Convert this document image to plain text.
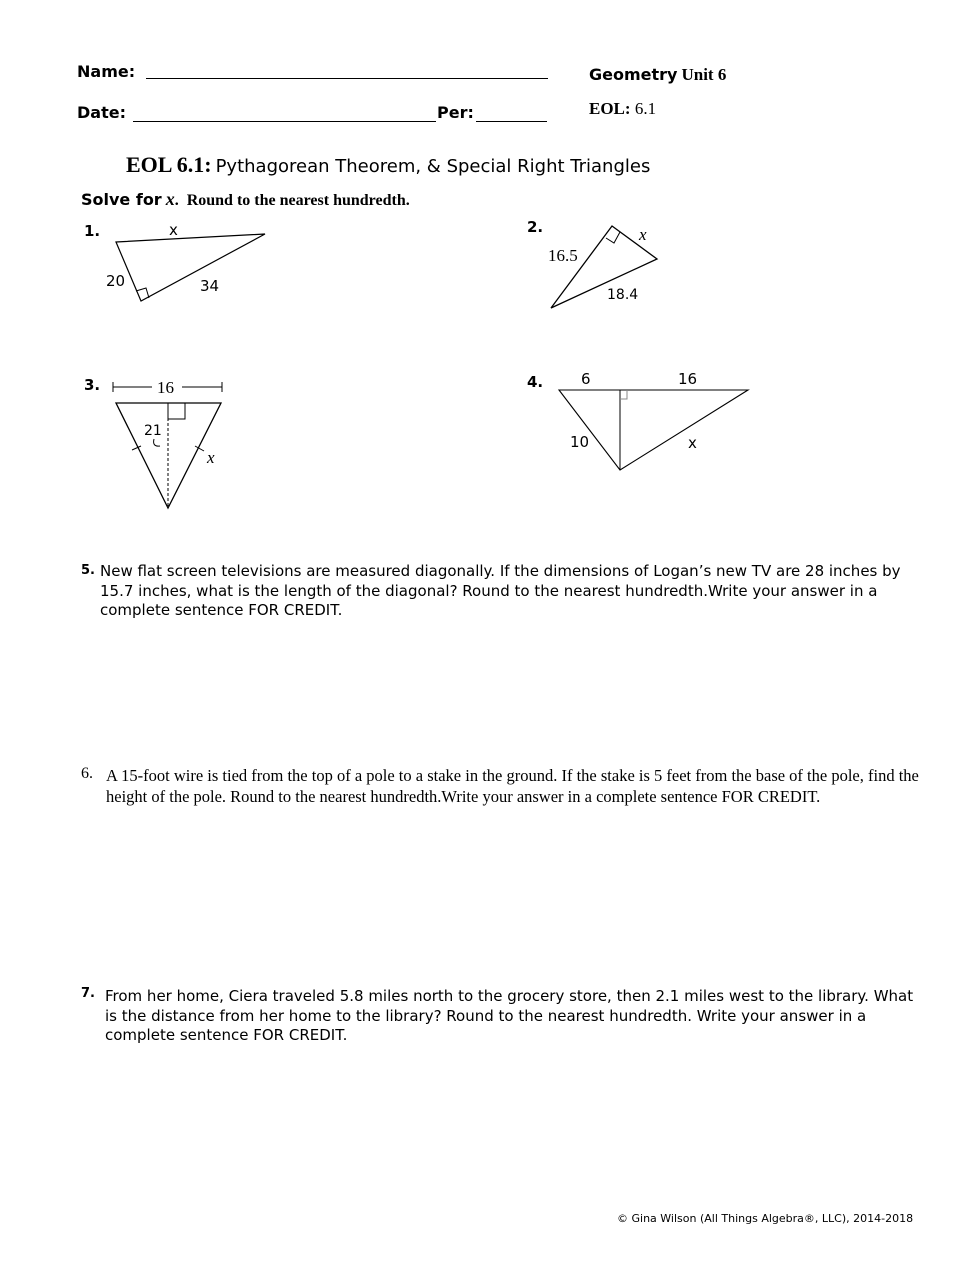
Name:
Date:	Per:
Geometry Unit 6
EOL: 6.1
EOL 6.1: Pythagorean Theorem, & Special Right Triangles
Solve for x.  Round to the nearest hundredth.
1.	x
20	34
2.
16.5
x
18.4
3.	16
21
x
4.	6	16
10	x
5. New flat screen televisions are measured diagonally. If the dimensions of Logan’s new TV are 28 inches by 15.7 inches, what is the length of the diagonal? Round to the nearest hundredth.Write your answer in a complete sentence FOR CREDIT.
6. A 15-foot wire is tied from the top of a pole to a stake in the ground. If the stake is 5 feet from the base of the pole, find the height of the pole. Round to the nearest hundredth.Write your answer in a complete sentence FOR CREDIT.
7. From her home, Ciera traveled 5.8 miles north to the grocery store, then 2.1 miles west to the library. What is the distance from her home to the library? Round to the nearest hundredth. Write your answer in a complete sentence FOR CREDIT.
© Gina Wilson (All Things Algebra®, LLC), 2014-2018
